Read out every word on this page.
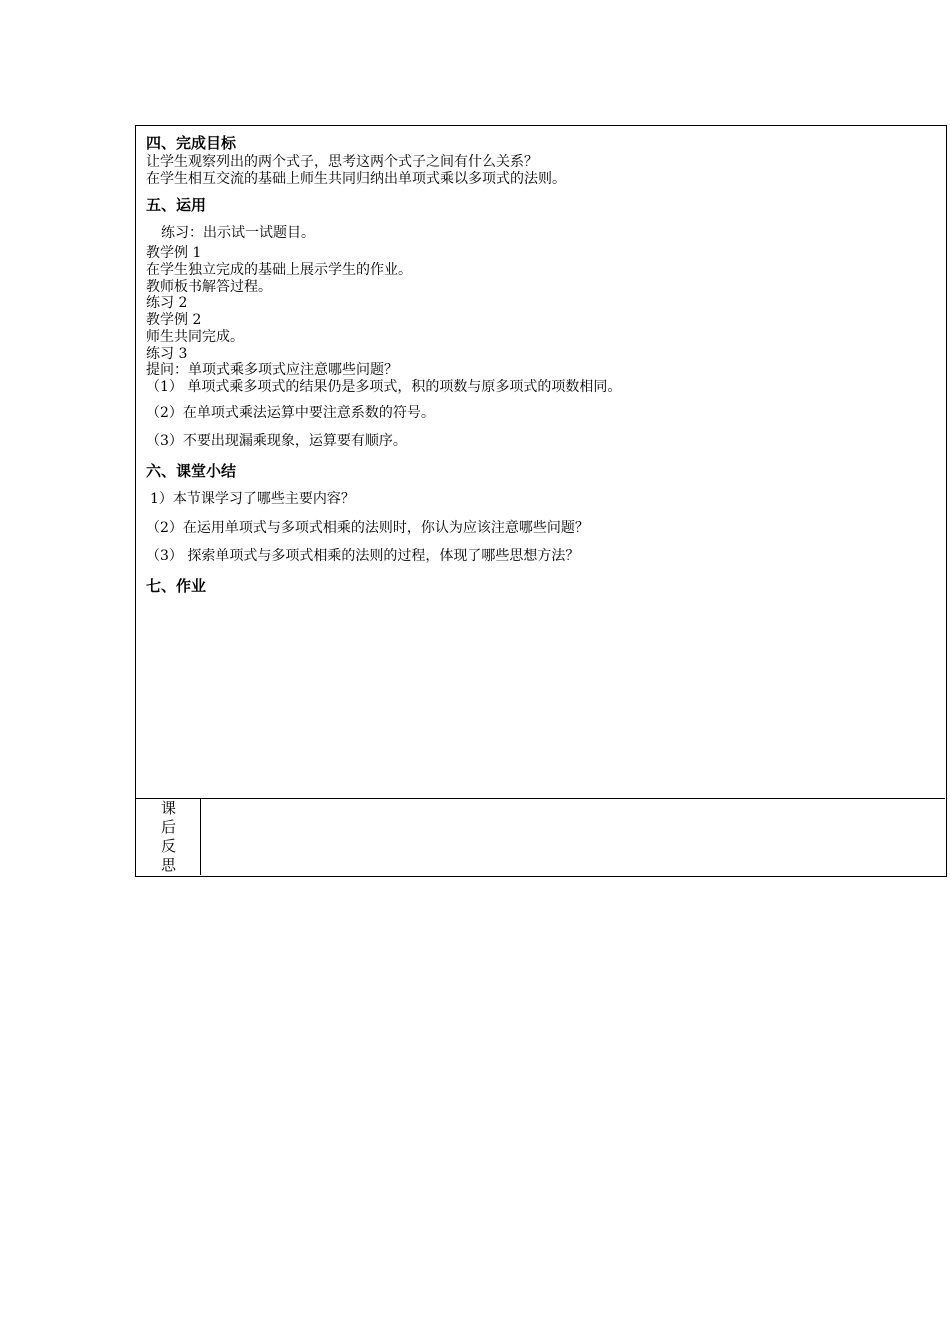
四、完成目标
让学生观察列出的两个式子，思考这两个式子之间有什么关系？
在学生相互交流的基础上师生共同归纳出单项式乘以多项式的法则。
五、运用
练习：出示试一试题目。
教学例 1
在学生独立完成的基础上展示学生的作业。
教师板书解答过程。
练习 2
教学例 2
师生共同完成。
练习 3
提问：单项式乘多项式应注意哪些问题？
（1） 单项式乘多项式的结果仍是多项式，积的项数与原多项式的项数相同。
（2）在单项式乘法运算中要注意系数的符号。
（3）不要出现漏乘现象，运算要有顺序。
六、课堂小结
1）本节课学习了哪些主要内容？
（2）在运用单项式与多项式相乘的法则时，你认为应该注意哪些问题？
（3） 探索单项式与多项式相乘的法则的过程，体现了哪些思想方法？
七、作业
课
后
反
思
